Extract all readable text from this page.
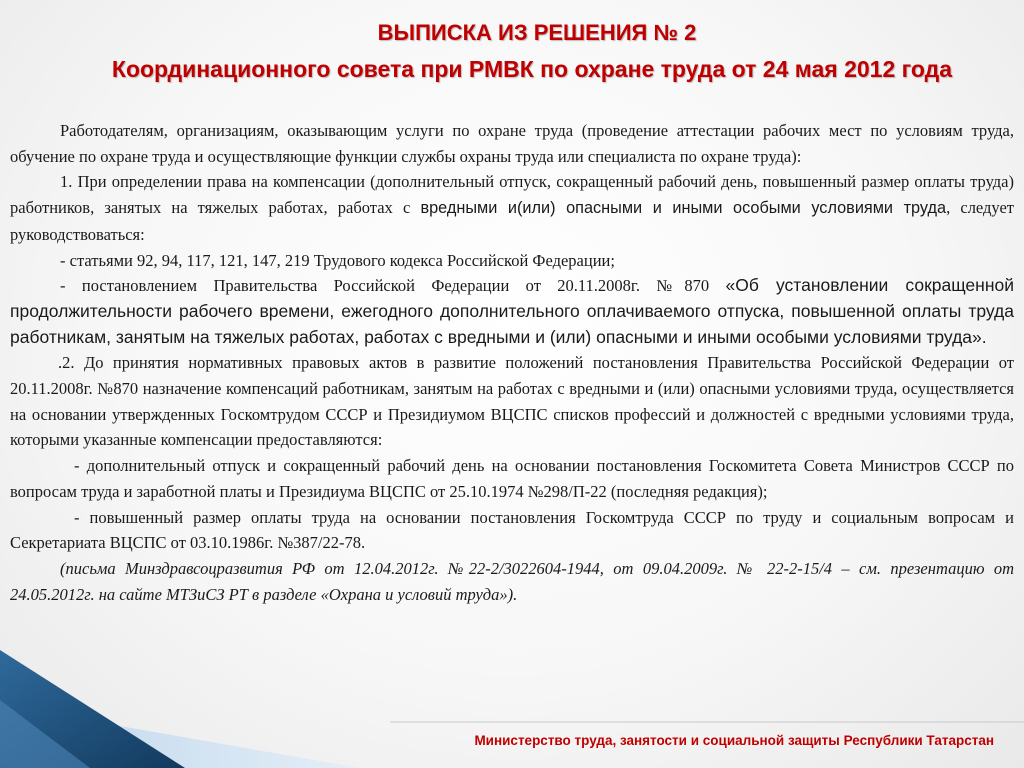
ВЫПИСКА ИЗ РЕШЕНИЯ № 2
Координационного совета при РМВК по охране труда от 24 мая 2012 года

Работодателям, организациям, оказывающим услуги по охране труда (проведение аттестации рабочих мест по условиям труда, обучение по охране труда и осуществляющие функции службы охраны труда или специалиста по охране труда):

1. При определении права на компенсации (дополнительный отпуск, сокращенный рабочий день, повышенный размер оплаты труда) работников, занятых на тяжелых работах, работах с вредными и(или) опасными и иными особыми условиями труда, следует руководствоваться:

- статьями 92, 94, 117, 121, 147, 219 Трудового кодекса Российской Федерации;

- постановлением Правительства Российской Федерации от 20.11.2008г. №870 «Об установлении сокращенной продолжительности рабочего времени, ежегодного дополнительного оплачиваемого отпуска, повышенной оплаты труда работникам, занятым на тяжелых работах, работах с вредными и (или) опасными и иными особыми условиями труда».

.2. До принятия нормативных правовых актов в развитие положений постановления Правительства Российской Федерации от 20.11.2008г. №870 назначение компенсаций работникам, занятым на работах с вредными и (или) опасными условиями труда, осуществляется на основании утвержденных Госкомтрудом СССР и Президиумом ВЦСПС списков профессий и должностей с вредными условиями труда, которыми указанные компенсации предоставляются:

- дополнительный отпуск и сокращенный рабочий день на основании постановления Госкомитета Совета Министров СССР по вопросам труда и заработной платы и Президиума ВЦСПС от 25.10.1974 №298/П-22 (последняя редакция);

- повышенный размер оплаты труда на основании постановления Госкомтруда СССР по труду и социальным вопросам и Секретариата ВЦСПС от 03.10.1986г. №387/22-78.

(письма Минздравсоцразвития РФ от 12.04.2012г. №22-2/3022604-1944, от 09.04.2009г. № 22-2-15/4 – см. презентацию от 24.05.2012г. на сайте МТЗиСЗ РТ в разделе «Охрана и условий труда»).

Министерство труда, занятости и социальной защиты Республики Татарстан
